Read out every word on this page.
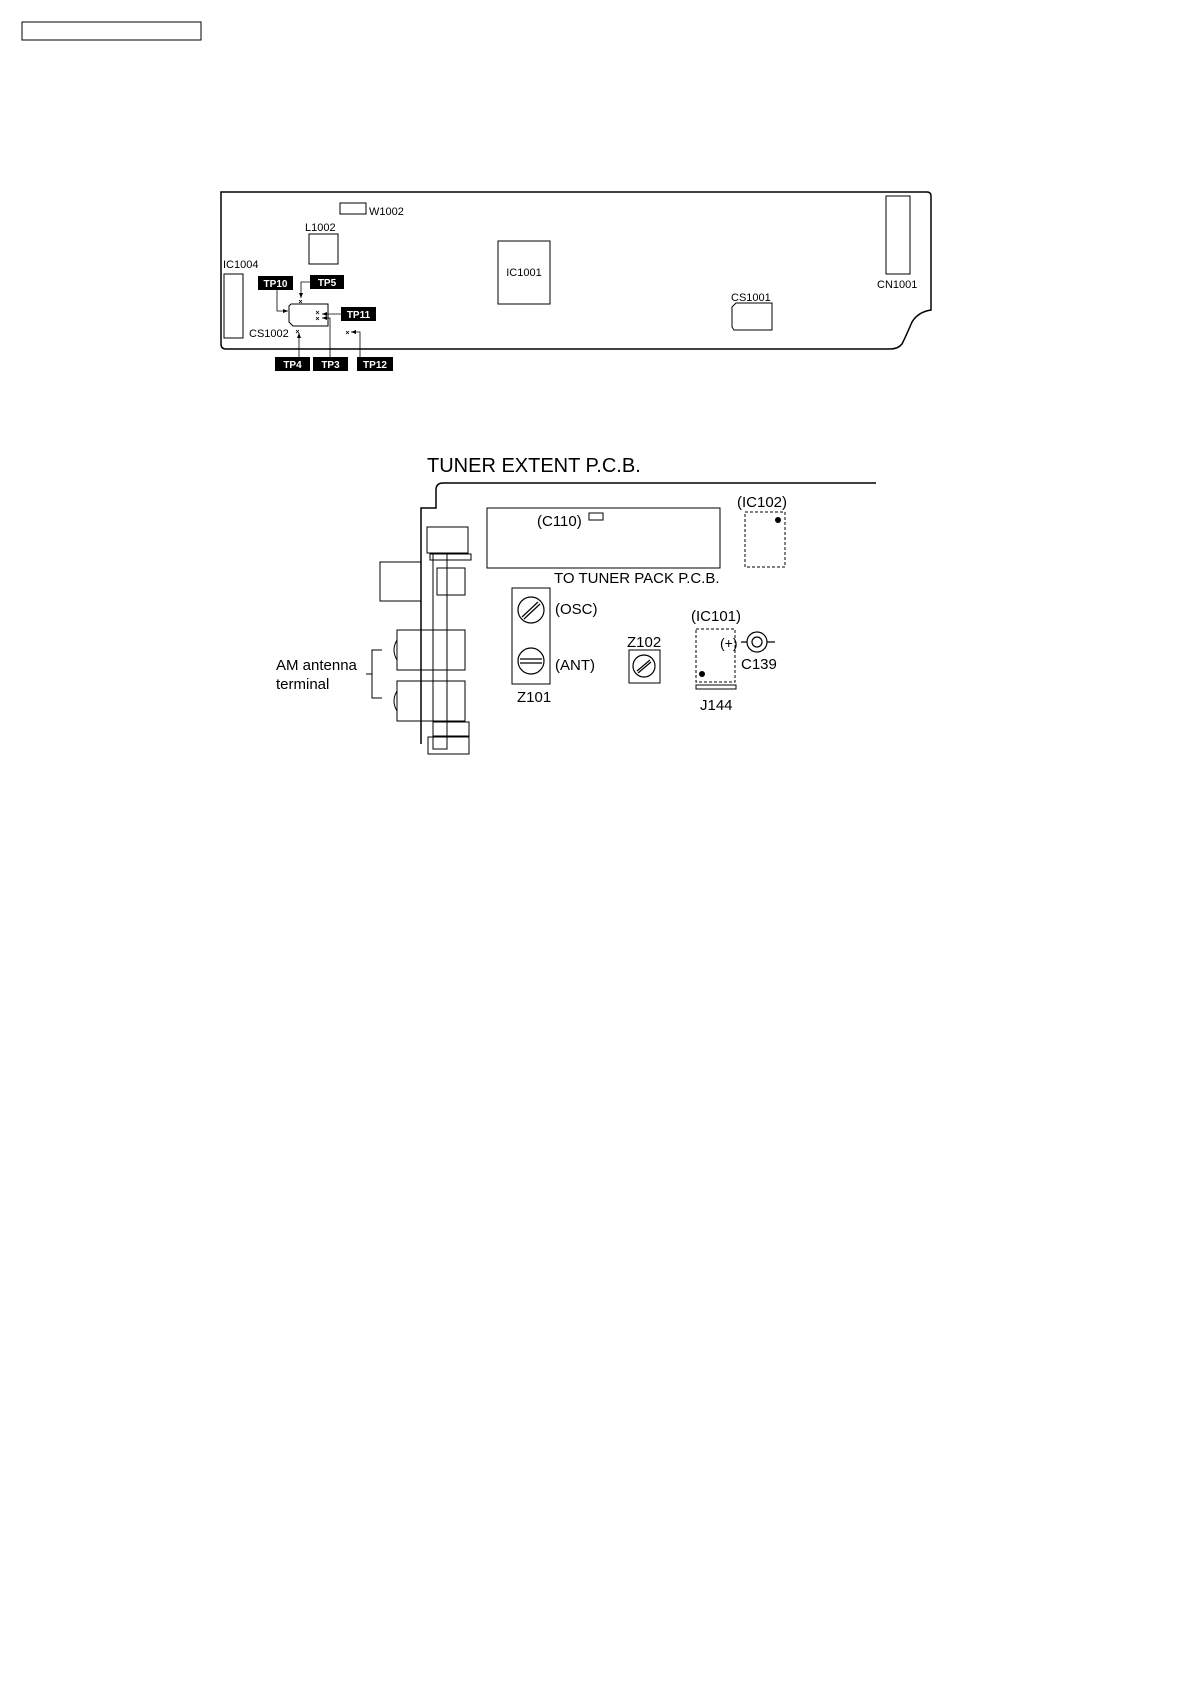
W1002
L1002
IC1004
IC1001
CS1001
CN1001
CS1002
TP10	TP5
TP11
TP4 TP3 TP12
TUNER EXTENT P.C.B.
AM antenna
terminal
(C110)
TO TUNER PACK P.C.B.
(IC102)
(OSC)
(ANT)
Z101
Z102
(IC101)
J144
(+)
C139
